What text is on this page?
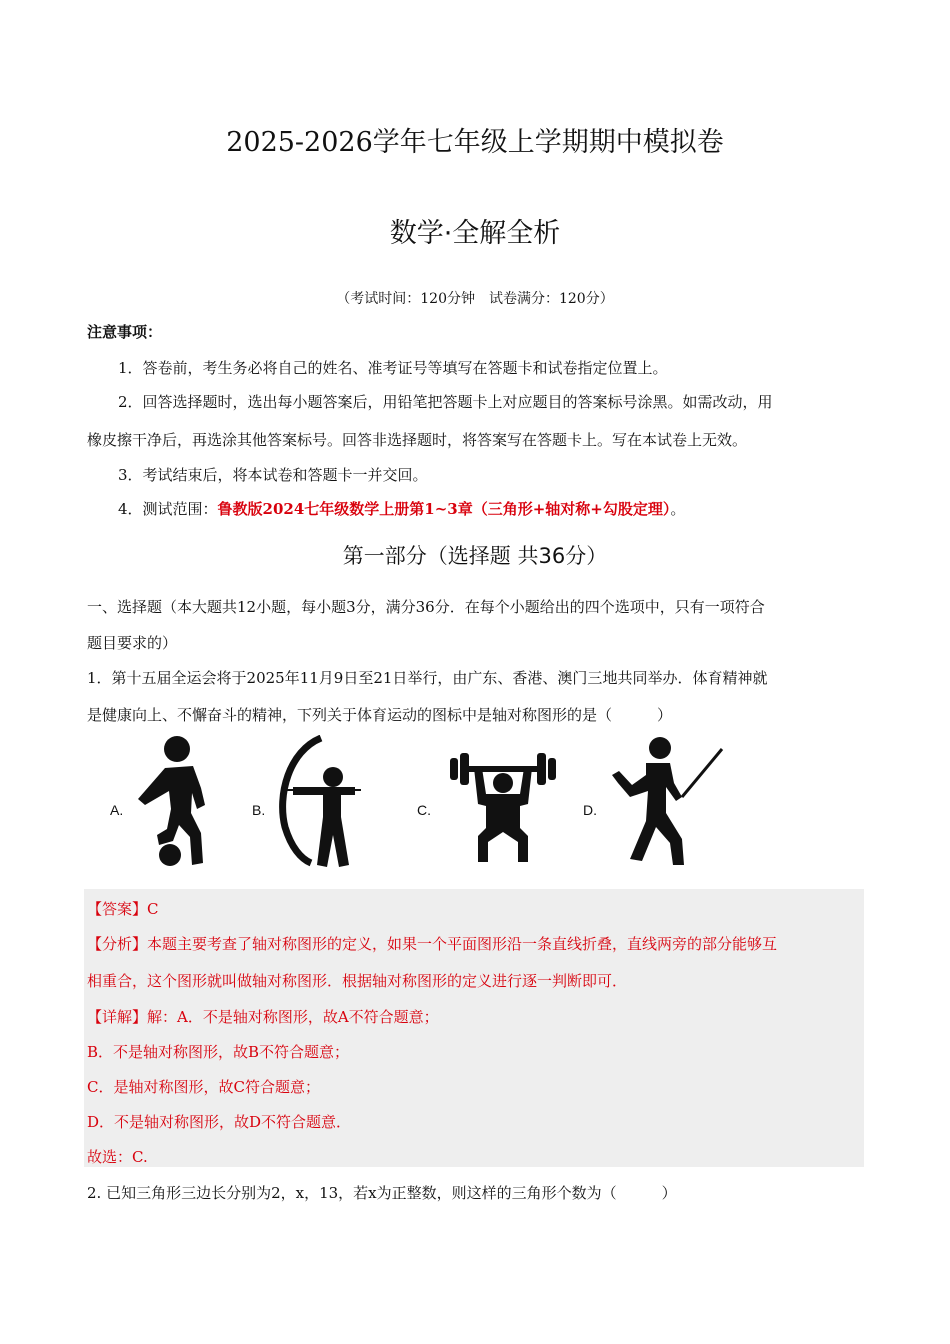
2025-2026学年七年级上学期期中模拟卷
数学·全解全析
（考试时间：120分钟　试卷满分：120分）
注意事项：
1．答卷前，考生务必将自己的姓名、准考证号等填写在答题卡和试卷指定位置上。
2．回答选择题时，选出每小题答案后，用铅笔把答题卡上对应题目的答案标号涂黑。如需改动，用
橡皮擦干净后，再选涂其他答案标号。回答非选择题时，将答案写在答题卡上。写在本试卷上无效。
3．考试结束后，将本试卷和答题卡一并交回。
4．测试范围：鲁教版2024七年级数学上册第1~3章（三角形+轴对称+勾股定理）。
第一部分（选择题 共36分）
一、选择题（本大题共12小题，每小题3分，满分36分．在每个小题给出的四个选项中，只有一项符合
题目要求的）
1．第十五届全运会将于2025年11月9日至21日举行，由广东、香港、澳门三地共同举办．体育精神就
是健康向上、不懈奋斗的精神，下列关于体育运动的图标中是轴对称图形的是（　　　）
A.	B.	C.	D.
【答案】C
【分析】本题主要考查了轴对称图形的定义，如果一个平面图形沿一条直线折叠，直线两旁的部分能够互
相重合，这个图形就叫做轴对称图形．根据轴对称图形的定义进行逐一判断即可．
【详解】解：A．不是轴对称图形，故A不符合题意；
B．不是轴对称图形，故B不符合题意；
C．是轴对称图形，故C符合题意；
D．不是轴对称图形，故D不符合题意．
故选：C.
2. 已知三角形三边长分别为2，x，13，若x为正整数，则这样的三角形个数为（　　　）
